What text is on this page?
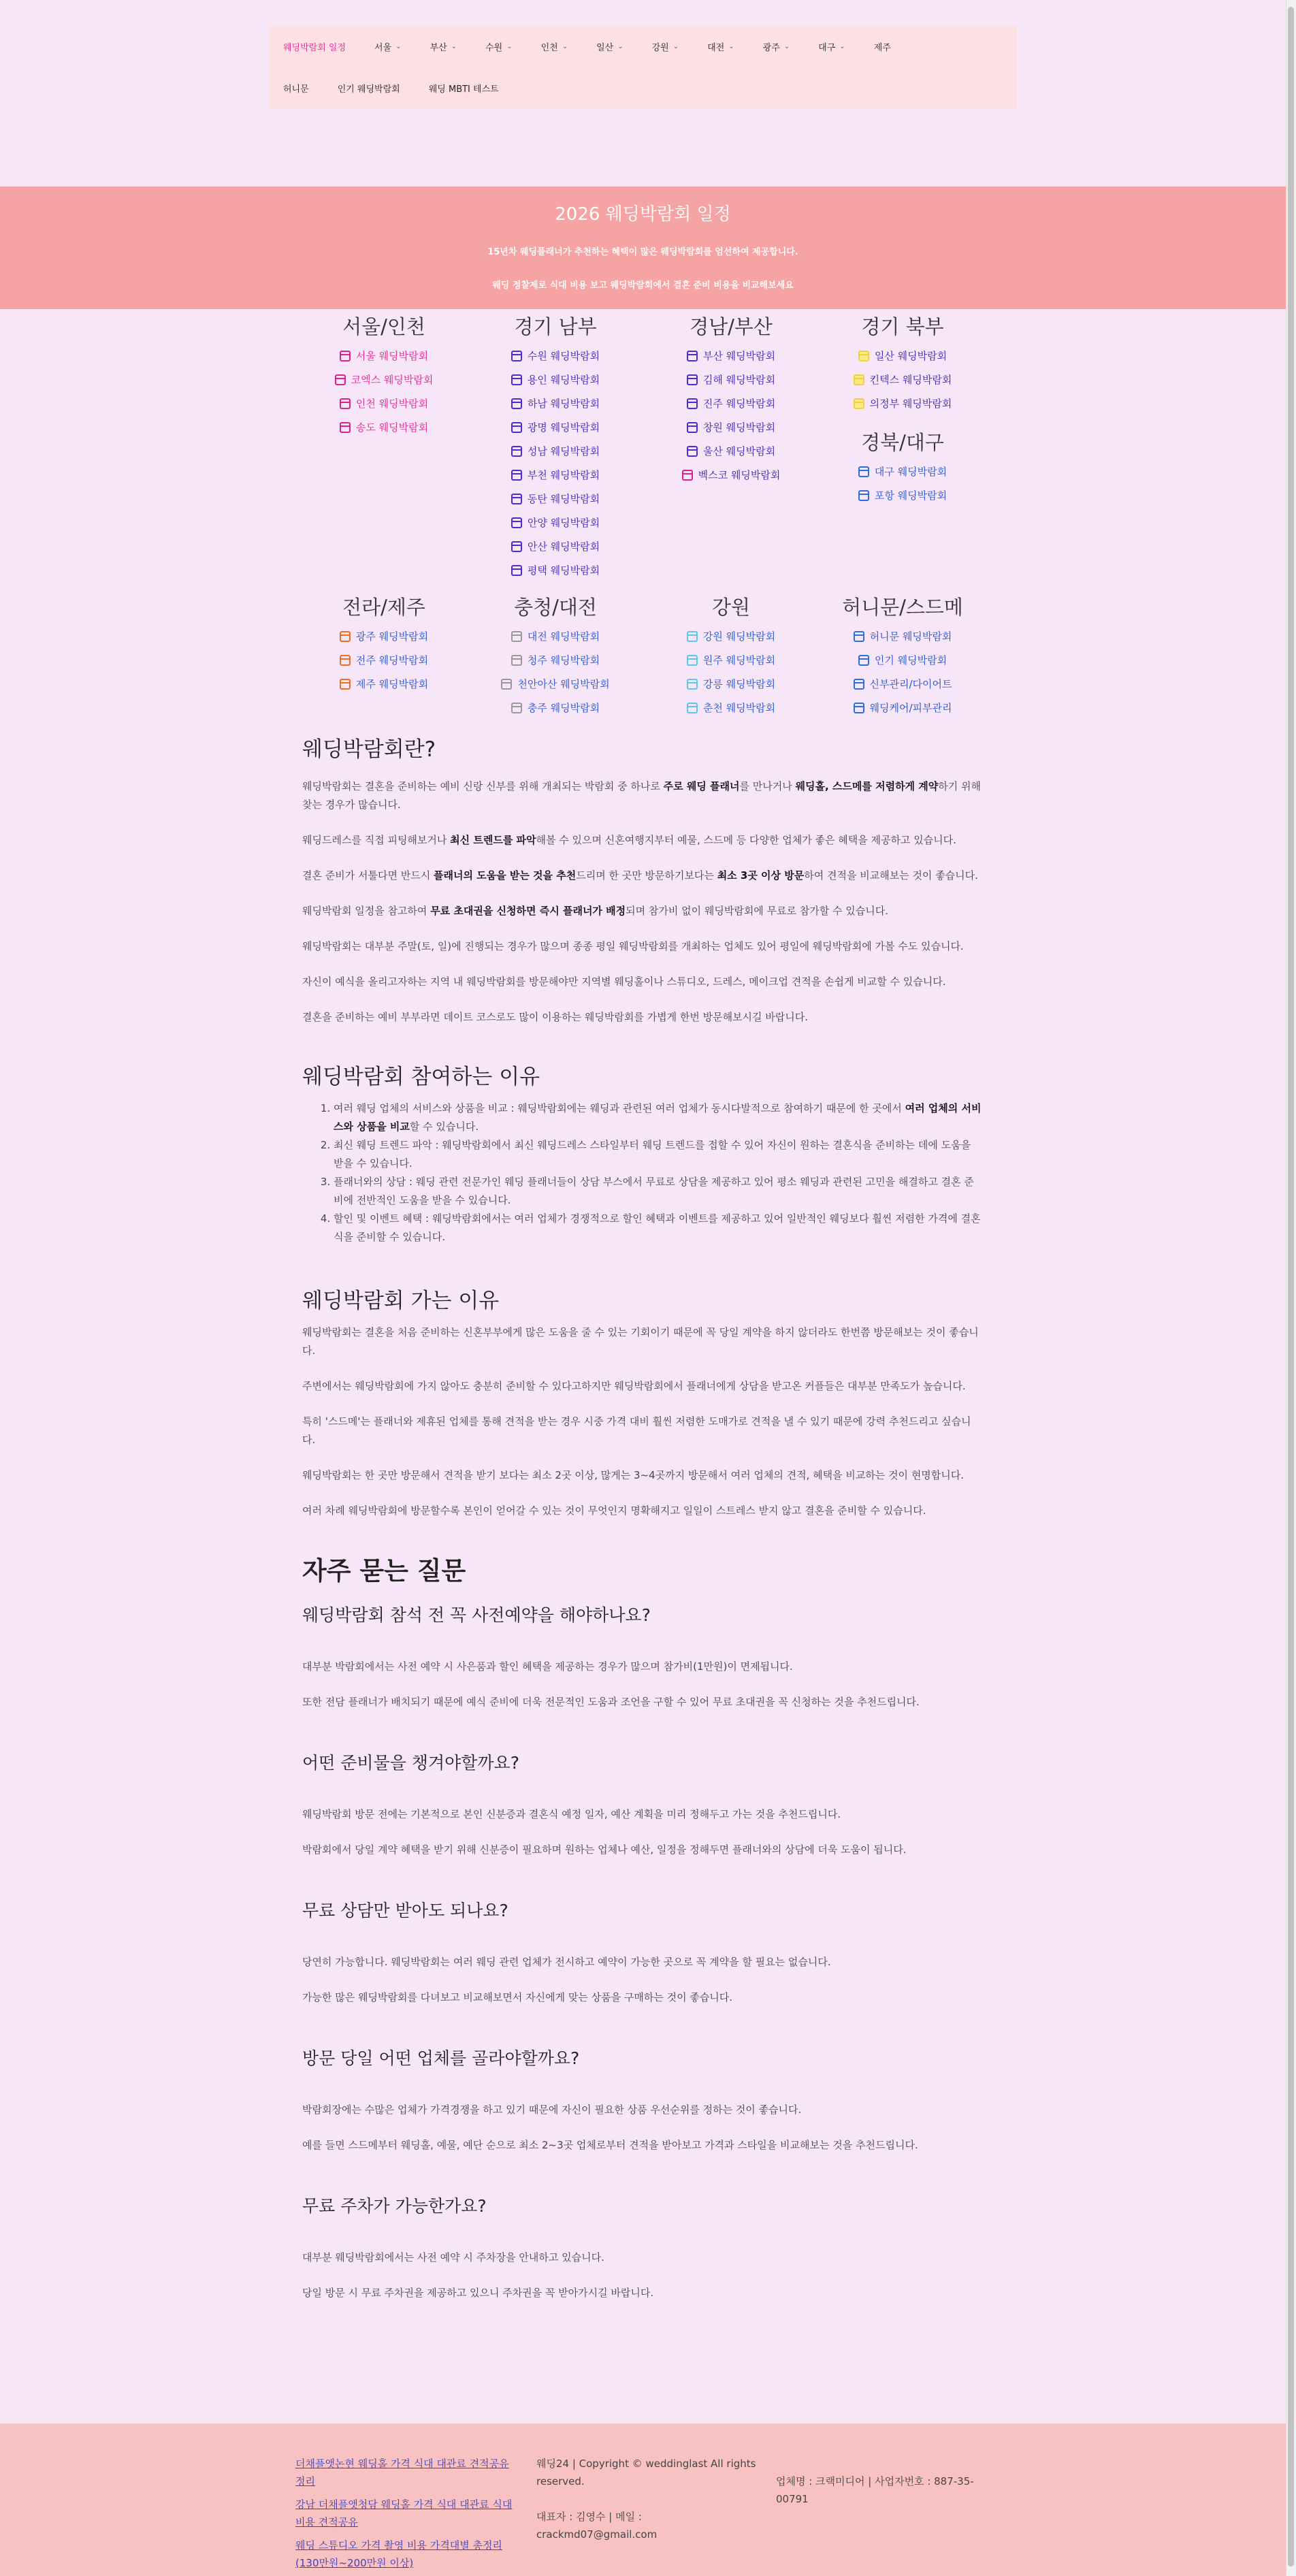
웨딩박람회 일정	서울 ⌄	부산 ⌄	수원 ⌄	인천 ⌄	일산 ⌄	강원 ⌄	대전 ⌄	광주 ⌄	대구 ⌄	제주
허니문	인기 웨딩박람회	웨딩 MBTI 테스트
2026 웨딩박람회 일정

15년차 웨딩플래너가 추천하는 혜택이 많은 웨딩박람회를 엄선하여 제공합니다.

웨딩 정찰제로 식대 비용 보고 웨딩박람회에서 결혼 준비 비용을 비교해보세요

서울/인천
서울 웨딩박람회
코엑스 웨딩박람회
인천 웨딩박람회
송도 웨딩박람회
경기 남부
수원 웨딩박람회
용인 웨딩박람회
하남 웨딩박람회
광명 웨딩박람회
성남 웨딩박람회
부천 웨딩박람회
동탄 웨딩박람회
안양 웨딩박람회
안산 웨딩박람회
평택 웨딩박람회
경남/부산
부산 웨딩박람회
김해 웨딩박람회
진주 웨딩박람회
창원 웨딩박람회
울산 웨딩박람회
벡스코 웨딩박람회
경기 북부
일산 웨딩박람회
킨텍스 웨딩박람회
의정부 웨딩박람회
경북/대구
대구 웨딩박람회
포항 웨딩박람회
전라/제주
광주 웨딩박람회
전주 웨딩박람회
제주 웨딩박람회
충청/대전
대전 웨딩박람회
청주 웨딩박람회
천안아산 웨딩박람회
충주 웨딩박람회
강원
강원 웨딩박람회
원주 웨딩박람회
강릉 웨딩박람회
춘천 웨딩박람회
허니문/스드메
허니문 웨딩박람회
인기 웨딩박람회
신부관리/다이어트
웨딩케어/피부관리
웨딩박람회란?

웨딩박람회는 결혼을 준비하는 예비 신랑 신부를 위해 개최되는 박람회 중 하나로 주로 웨딩 플래너를 만나거나 웨딩홀, 스드메를 저렴하게 계약하기 위해 찾는 경우가 많습니다.

웨딩드레스를 직접 피팅해보거나 최신 트렌드를 파악해볼 수 있으며 신혼여행지부터 예물, 스드메 등 다양한 업체가 좋은 혜택을 제공하고 있습니다.

결혼 준비가 서툴다면 반드시 플래너의 도움을 받는 것을 추천드리며 한 곳만 방문하기보다는 최소 3곳 이상 방문하여 견적을 비교해보는 것이 좋습니다.

웨딩박람회 일정을 참고하여 무료 초대권을 신청하면 즉시 플래너가 배정되며 참가비 없이 웨딩박람회에 무료로 참가할 수 있습니다.

웨딩박람회는 대부분 주말(토, 일)에 진행되는 경우가 많으며 종종 평일 웨딩박람회를 개최하는 업체도 있어 평일에 웨딩박람회에 가볼 수도 있습니다.

자신이 예식을 올리고자하는 지역 내 웨딩박람회를 방문해야만 지역별 웨딩홀이나 스튜디오, 드레스, 메이크업 견적을 손쉽게 비교할 수 있습니다.

결혼을 준비하는 예비 부부라면 데이트 코스로도 많이 이용하는 웨딩박람회를 가볍게 한번 방문해보시길 바랍니다.

웨딩박람회 참여하는 이유
1. 여러 웨딩 업체의 서비스와 상품을 비교 : 웨딩박람회에는 웨딩과 관련된 여러 업체가 동시다발적으로 참여하기 때문에 한 곳에서 여러 업체의 서비스와 상품을 비교할 수 있습니다.
2. 최신 웨딩 트렌드 파악 : 웨딩박람회에서 최신 웨딩드레스 스타일부터 웨딩 트렌드를 접할 수 있어 자신이 원하는 결혼식을 준비하는 데에 도움을 받을 수 있습니다.
3. 플래너와의 상담 : 웨딩 관련 전문가인 웨딩 플래너들이 상담 부스에서 무료로 상담을 제공하고 있어 평소 웨딩과 관련된 고민을 해결하고 결혼 준비에 전반적인 도움을 받을 수 있습니다.
4. 할인 및 이벤트 혜택 : 웨딩박람회에서는 여러 업체가 경쟁적으로 할인 혜택과 이벤트를 제공하고 있어 일반적인 웨딩보다 훨씬 저렴한 가격에 결혼식을 준비할 수 있습니다.
웨딩박람회 가는 이유

웨딩박람회는 결혼을 처음 준비하는 신혼부부에게 많은 도움을 줄 수 있는 기회이기 때문에 꼭 당일 계약을 하지 않더라도 한번쯤 방문해보는 것이 좋습니다.

주변에서는 웨딩박람회에 가지 않아도 충분히 준비할 수 있다고하지만 웨딩박람회에서 플래너에게 상담을 받고온 커플들은 대부분 만족도가 높습니다.

특히 '스드메'는 플래너와 제휴된 업체를 통해 견적을 받는 경우 시중 가격 대비 훨씬 저렴한 도매가로 견적을 낼 수 있기 때문에 강력 추천드리고 싶습니다.

웨딩박람회는 한 곳만 방문해서 견적을 받기 보다는 최소 2곳 이상, 많게는 3~4곳까지 방문해서 여러 업체의 견적, 혜택을 비교하는 것이 현명합니다.

여러 차례 웨딩박람회에 방문할수록 본인이 얻어갈 수 있는 것이 무엇인지 명확해지고 일일이 스트레스 받지 않고 결혼을 준비할 수 있습니다.

자주 묻는 질문
웨딩박람회 참석 전 꼭 사전예약을 해야하나요?

대부분 박람회에서는 사전 예약 시 사은품과 할인 혜택을 제공하는 경우가 많으며 참가비(1만원)이 면제됩니다.

또한 전담 플래너가 배치되기 때문에 예식 준비에 더욱 전문적인 도움과 조언을 구할 수 있어 무료 초대권을 꼭 신청하는 것을 추천드립니다.

어떤 준비물을 챙겨야할까요?

웨딩박람회 방문 전에는 기본적으로 본인 신분증과 결혼식 예정 일자, 예산 계획을 미리 정해두고 가는 것을 추천드립니다.

박람회에서 당일 계약 혜택을 받기 위해 신분증이 필요하며 원하는 업체나 예산, 일정을 정해두면 플래너와의 상담에 더욱 도움이 됩니다.

무료 상담만 받아도 되나요?

당연히 가능합니다. 웨딩박람회는 여러 웨딩 관련 업체가 전시하고 예약이 가능한 곳으로 꼭 계약을 할 필요는 없습니다.

가능한 많은 웨딩박람회를 다녀보고 비교해보면서 자신에게 맞는 상품을 구매하는 것이 좋습니다.

방문 당일 어떤 업체를 골라야할까요?

박람회장에는 수많은 업체가 가격경쟁을 하고 있기 때문에 자신이 필요한 상품 우선순위를 정하는 것이 좋습니다.

예를 들면 스드메부터 웨딩홀, 예물, 예단 순으로 최소 2~3곳 업체로부터 견적을 받아보고 가격과 스타일을 비교해보는 것을 추천드립니다.

무료 주차가 가능한가요?

대부분 웨딩박람회에서는 사전 예약 시 주차장을 안내하고 있습니다.

당일 방문 시 무료 주차권을 제공하고 있으니 주차권을 꼭 받아가시길 바랍니다.

더채플앳논현 웨딩홀 가격 식대 대관료 견적공유 정리
강남 더채플앳청담 웨딩홀 가격 식대 대관료 식대 비용 견적공유
웨딩 스튜디오 가격 촬영 비용 가격대별 총정리 (130만원~200만원 이상)
웨딩24 | Copyright © weddinglast All rights reserved.
대표자 : 김영수 | 메일 : crackmd07@gmail.com
업체명 : 크랙미디어 | 사업자번호 : 887-35-00791
